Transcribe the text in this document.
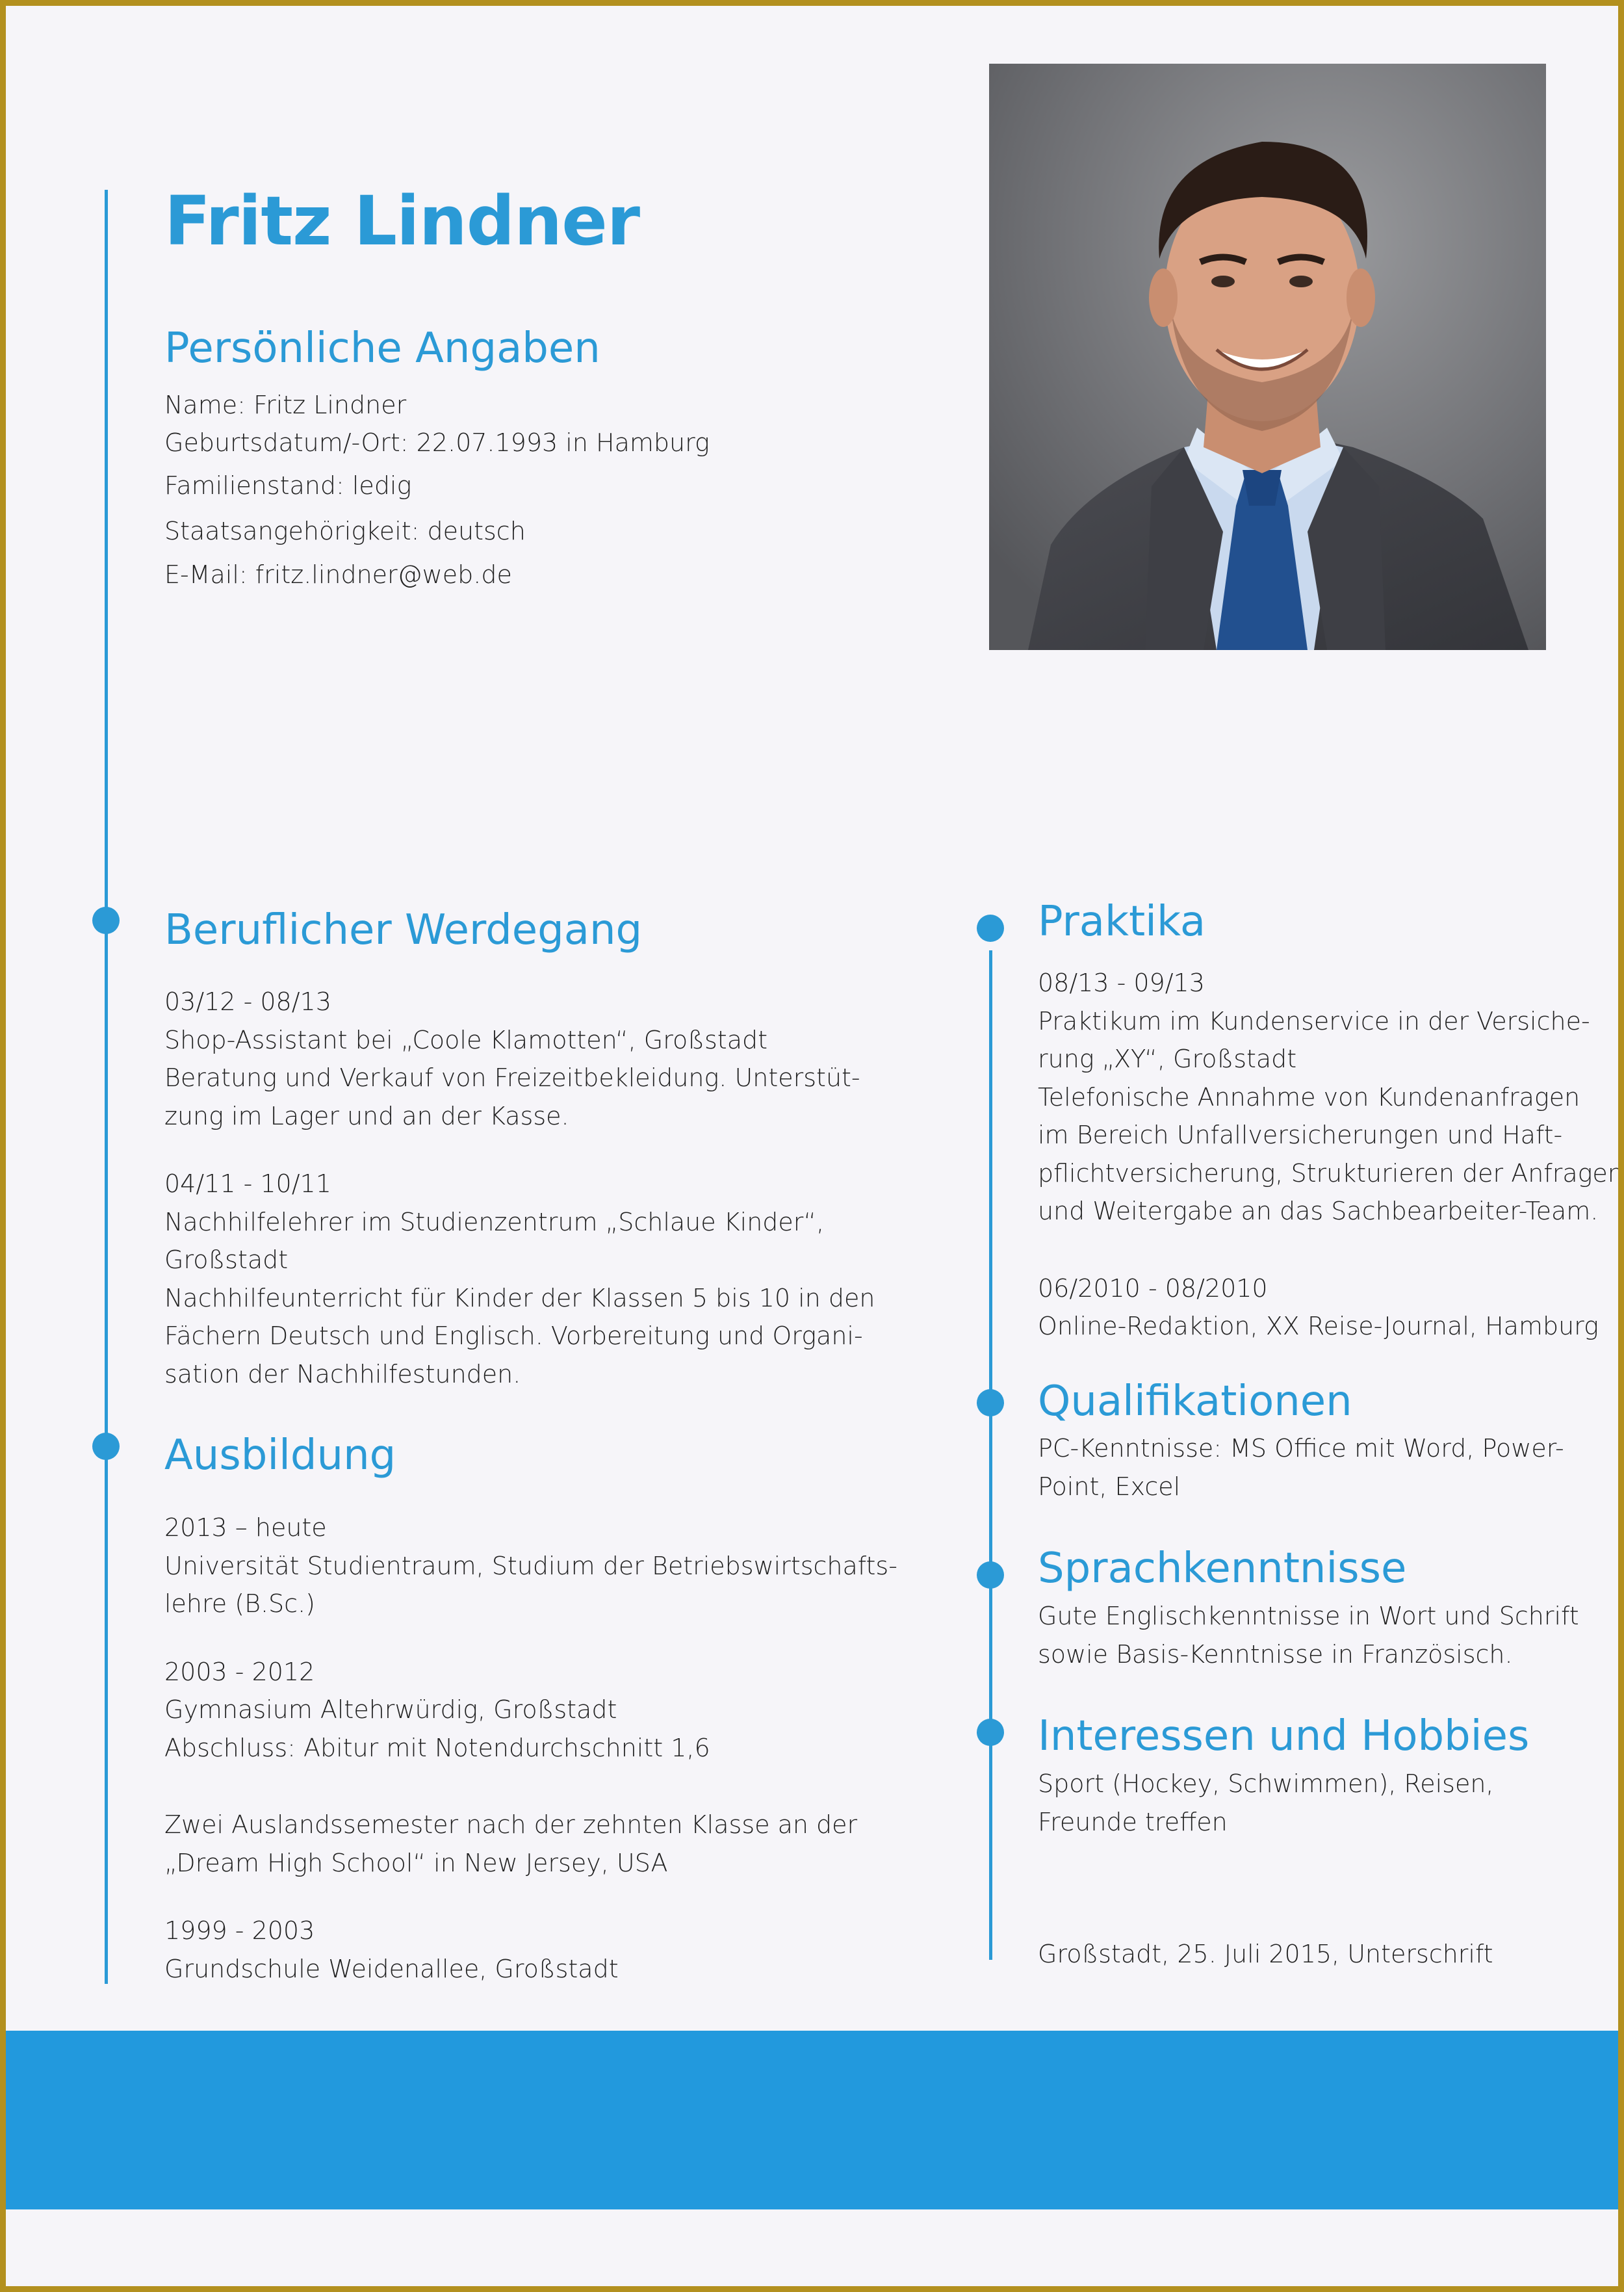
Fritz Lindner
Persönliche Angaben

Name: Fritz Lindner

Geburtsdatum/-Ort: 22.07.1993 in Hamburg

Familienstand: ledig

Staatsangehörigkeit: deutsch

E-Mail: fritz.lindner@web.de

Beruflicher Werdegang

03/12 - 08/13

Shop-Assistant bei „Coole Klamotten“, Großstadt

Beratung und Verkauf von Freizeitbekleidung. Unterstüt-

zung im Lager und an der Kasse.

04/11 - 10/11

Nachhilfelehrer im Studienzentrum „Schlaue Kinder“,

Großstadt

Nachhilfeunterricht für Kinder der Klassen 5 bis 10 in den

Fächern Deutsch und Englisch. Vorbereitung und Organi-

sation der Nachhilfestunden.

Ausbildung

2013 – heute

Universität Studientraum, Studium der Betriebswirtschafts-

lehre (B.Sc.)

2003 - 2012

Gymnasium Altehrwürdig, Großstadt

Abschluss: Abitur mit Notendurchschnitt 1,6

Zwei Auslandssemester nach der zehnten Klasse an der

„Dream High School“ in New Jersey, USA

1999 - 2003

Grundschule Weidenallee, Großstadt

Praktika

08/13 - 09/13

Praktikum im Kundenservice in der Versiche-

rung „XY“, Großstadt

Telefonische Annahme von Kundenanfragen

im Bereich Unfallversicherungen und Haft-

pflichtversicherung, Strukturieren der Anfragen

und Weitergabe an das Sachbearbeiter-Team.

06/2010 - 08/2010

Online-Redaktion, XX Reise-Journal, Hamburg

Qualifikationen

PC-Kenntnisse: MS Office mit Word, Power-

Point, Excel

Sprachkenntnisse

Gute Englischkenntnisse in Wort und Schrift

sowie Basis-Kenntnisse in Französisch.

Interessen und Hobbies

Sport (Hockey, Schwimmen), Reisen,

Freunde treffen

Großstadt, 25. Juli 2015, Unterschrift
